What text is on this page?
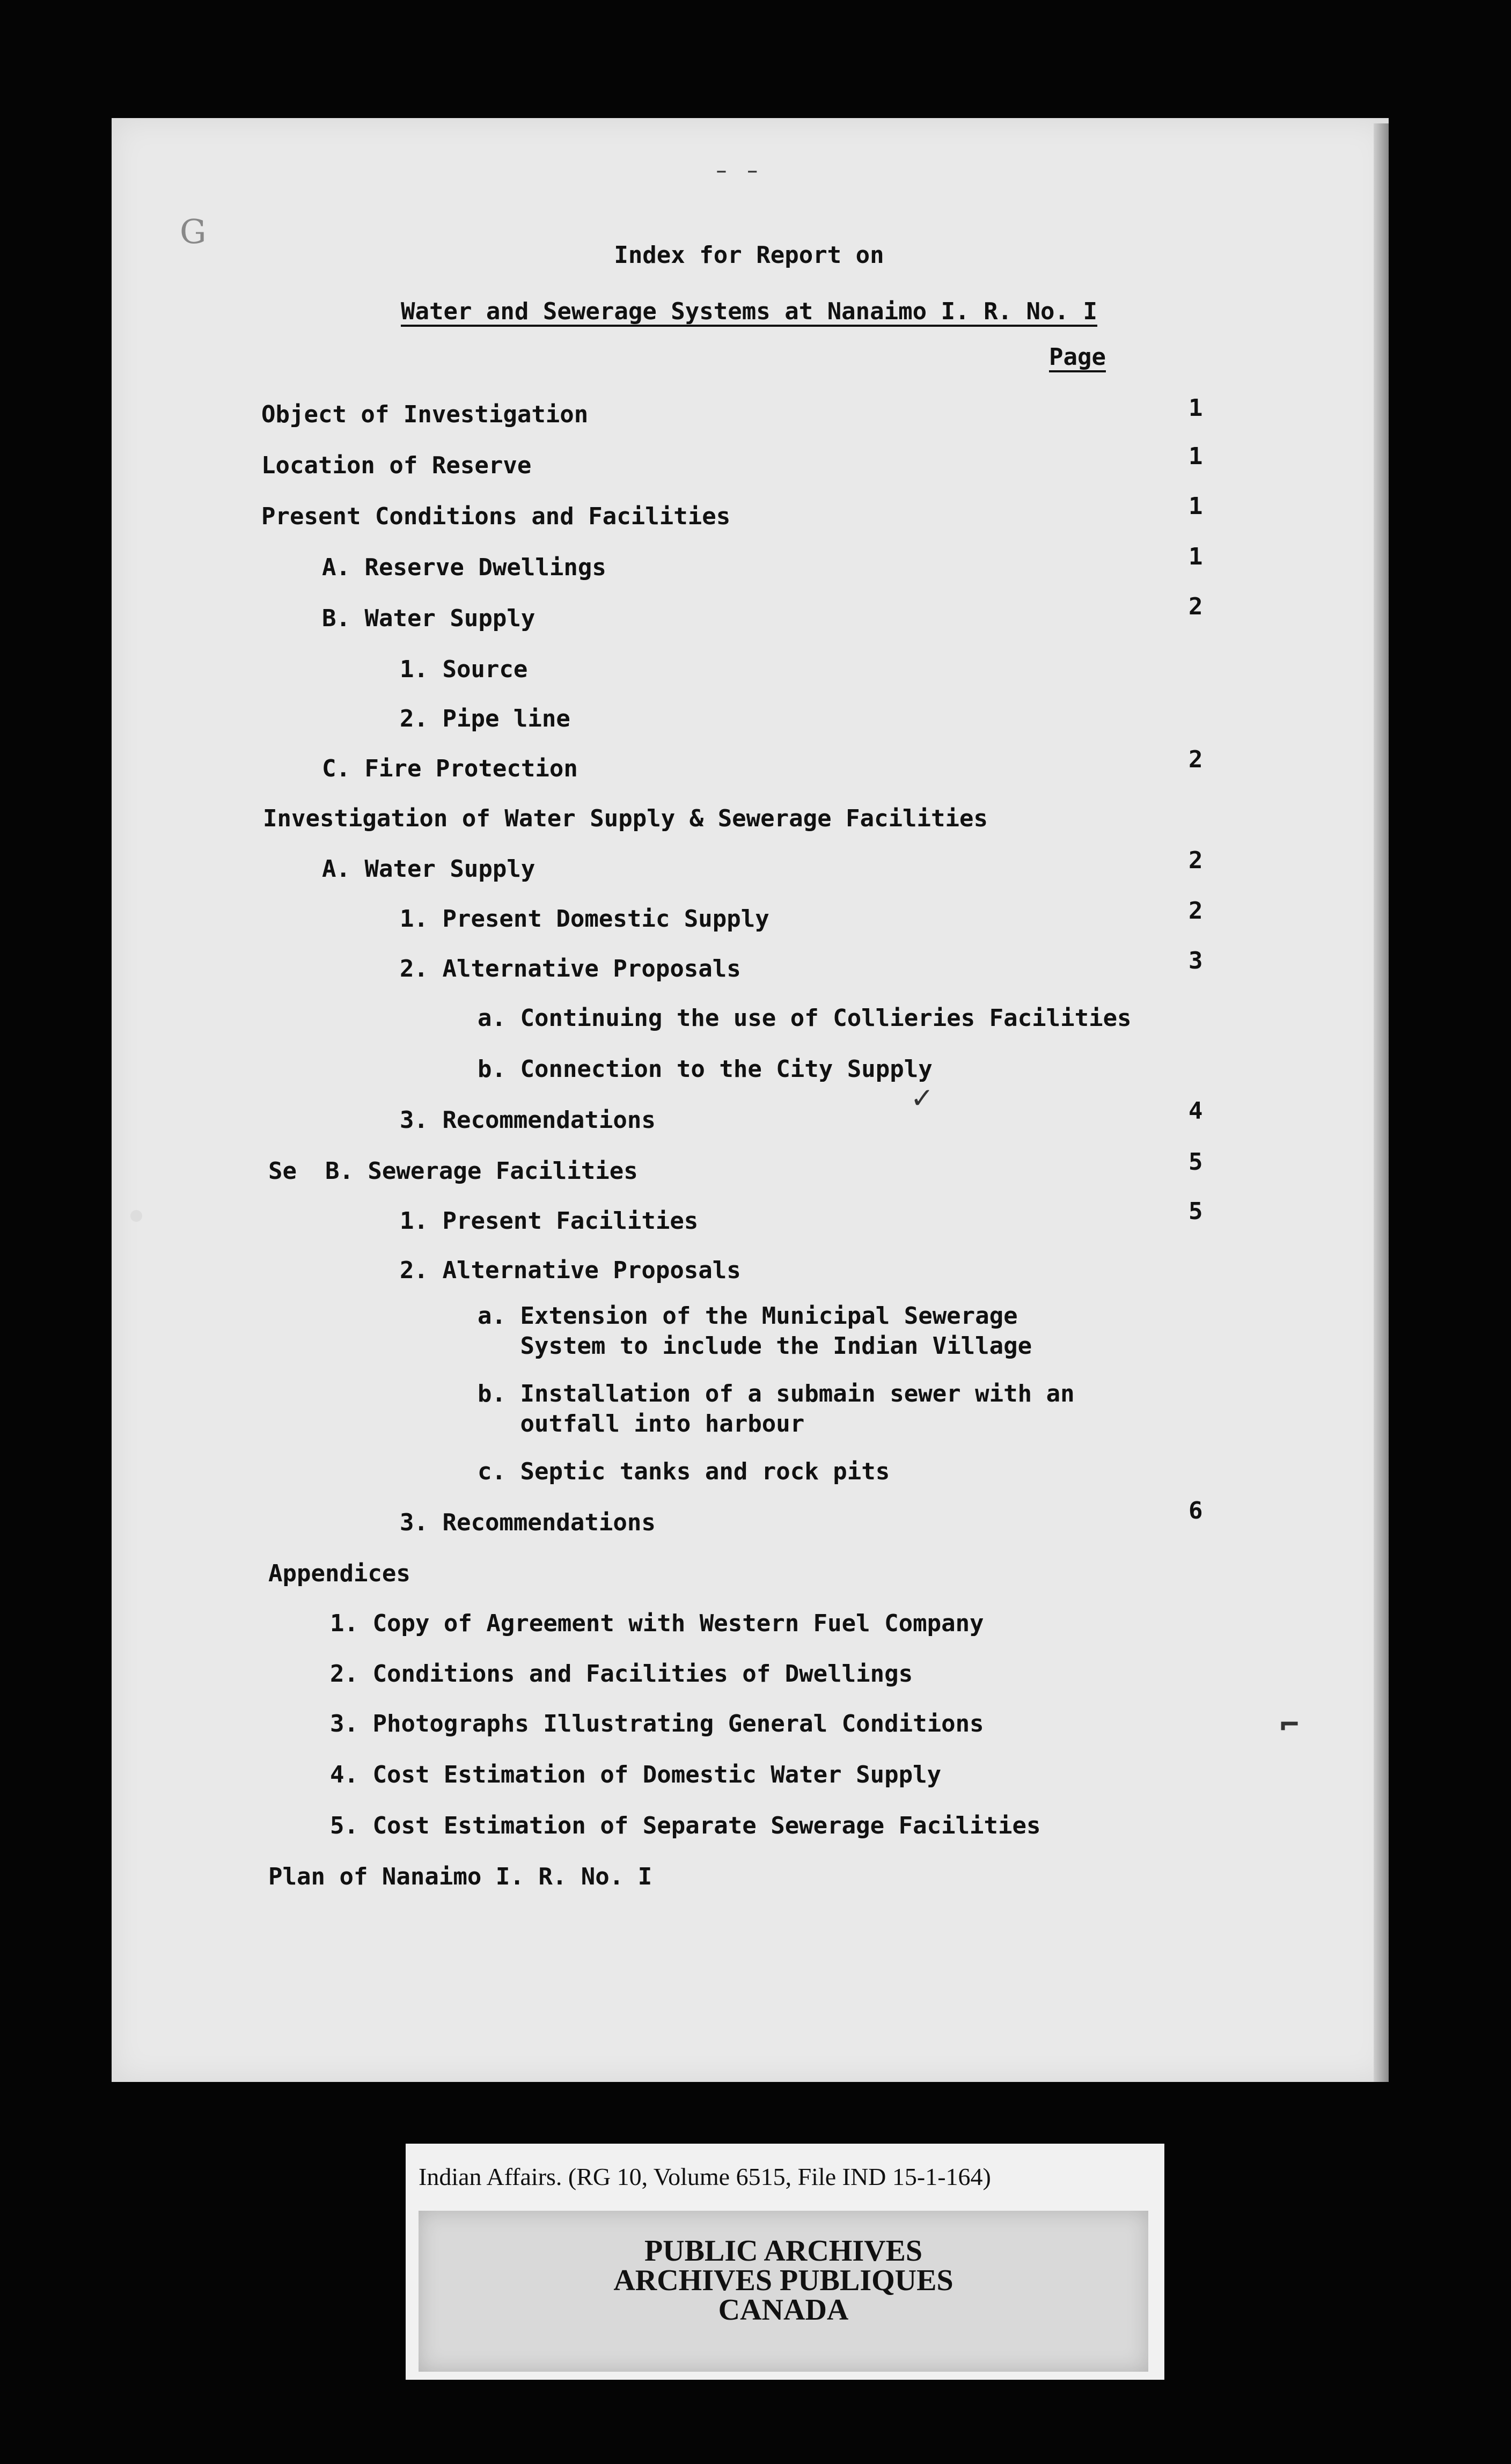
G
⁻ ⁻
Index for Report on
Water and Sewerage Systems at Nanaimo I. R. No. I
Page
Object of Investigation	1
Location of Reserve	1
Present Conditions and Facilities	1
A. Reserve Dwellings	1
B. Water Supply	2
1. Source
2. Pipe line
C. Fire Protection	2
Investigation of Water Supply & Sewerage Facilities
A. Water Supply	2
1. Present Domestic Supply	2
2. Alternative Proposals	3
a. Continuing the use of Collieries Facilities
b. Connection to the City Supply
✓
3. Recommendations	4
Se  B. Sewerage Facilities	5
1. Present Facilities	5
2. Alternative Proposals
a. Extension of the Municipal Sewerage
System to include the Indian Village
b. Installation of a submain sewer with an
outfall into harbour
c. Septic tanks and rock pits
3. Recommendations	6
Appendices
1. Copy of Agreement with Western Fuel Company
2. Conditions and Facilities of Dwellings
3. Photographs Illustrating General Conditions	⌐
4. Cost Estimation of Domestic Water Supply
5. Cost Estimation of Separate Sewerage Facilities
Plan of Nanaimo I. R. No. I
Indian Affairs. (RG 10, Volume 6515, File IND 15-1-164)
PUBLIC ARCHIVES
ARCHIVES PUBLIQUES
CANADA
